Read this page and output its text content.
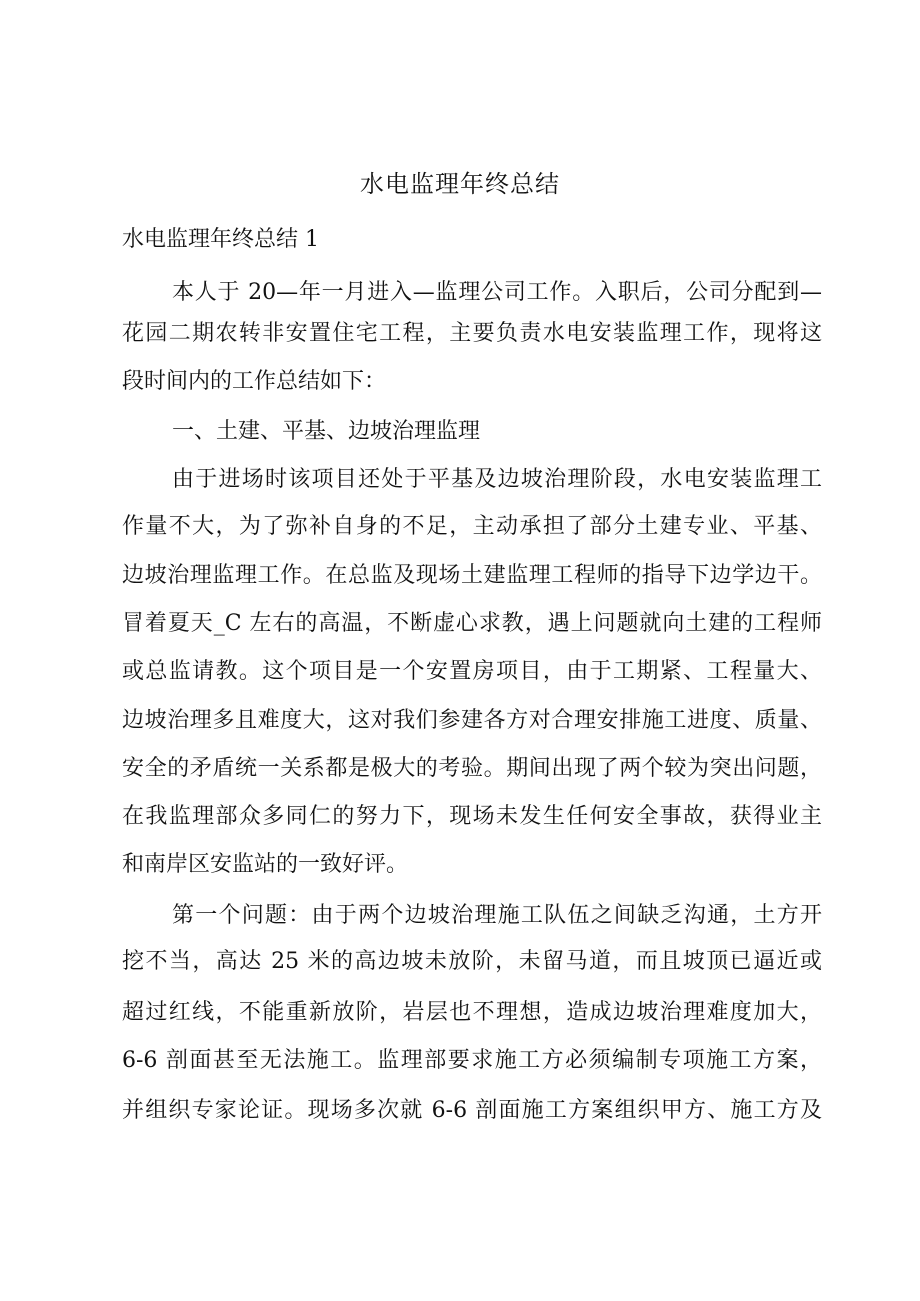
水电监理年终总结
水电监理年终总结 1
本人于 20—年一月进入—监理公司工作。入职后，公司分配到—
花园二期农转非安置住宅工程，主要负责水电安装监理工作，现将这
段时间内的工作总结如下：
一、土建、平基、边坡治理监理
由于进场时该项目还处于平基及边坡治理阶段，水电安装监理工
作量不大，为了弥补自身的不足，主动承担了部分土建专业、平基、
边坡治理监理工作。在总监及现场土建监理工程师的指导下边学边干。
冒着夏天_C 左右的高温，不断虚心求教，遇上问题就向土建的工程师
或总监请教。这个项目是一个安置房项目，由于工期紧、工程量大、
边坡治理多且难度大，这对我们参建各方对合理安排施工进度、质量、
安全的矛盾统一关系都是极大的考验。期间出现了两个较为突出问题，
在我监理部众多同仁的努力下，现场未发生任何安全事故，获得业主
和南岸区安监站的一致好评。
第一个问题：由于两个边坡治理施工队伍之间缺乏沟通，土方开
挖不当，高达 25 米的高边坡未放阶，未留马道，而且坡顶已逼近或
超过红线，不能重新放阶，岩层也不理想，造成边坡治理难度加大，
6-6 剖面甚至无法施工。监理部要求施工方必须编制专项施工方案，
并组织专家论证。现场多次就 6-6 剖面施工方案组织甲方、施工方及
